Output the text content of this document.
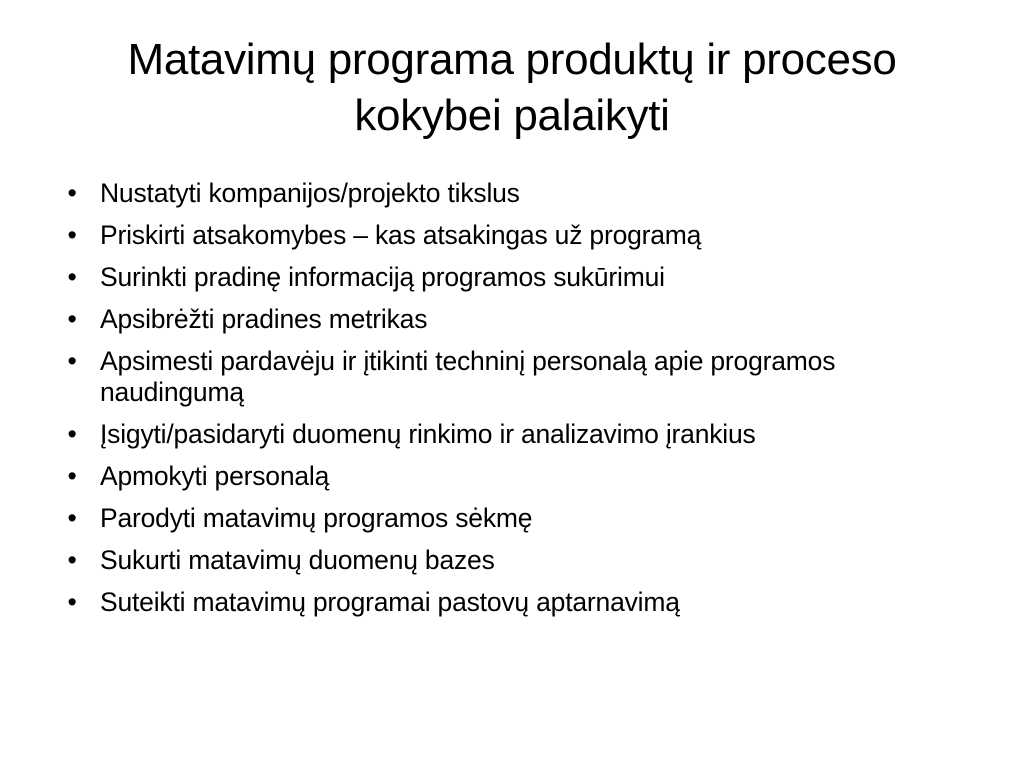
Matavimų programa produktų ir proceso kokybei palaikyti
• Nustatyti kompanijos/projekto tikslus
• Priskirti atsakomybes – kas atsakingas už programą
• Surinkti pradinę informaciją programos sukūrimui
• Apsibrėžti pradines metrikas
• Apsimesti pardavėju ir įtikinti techninį personalą apie programos naudingumą
• Įsigyti/pasidaryti duomenų rinkimo ir analizavimo įrankius
• Apmokyti personalą
• Parodyti matavimų programos sėkmę
• Sukurti matavimų duomenų bazes
• Suteikti matavimų programai pastovų aptarnavimą
